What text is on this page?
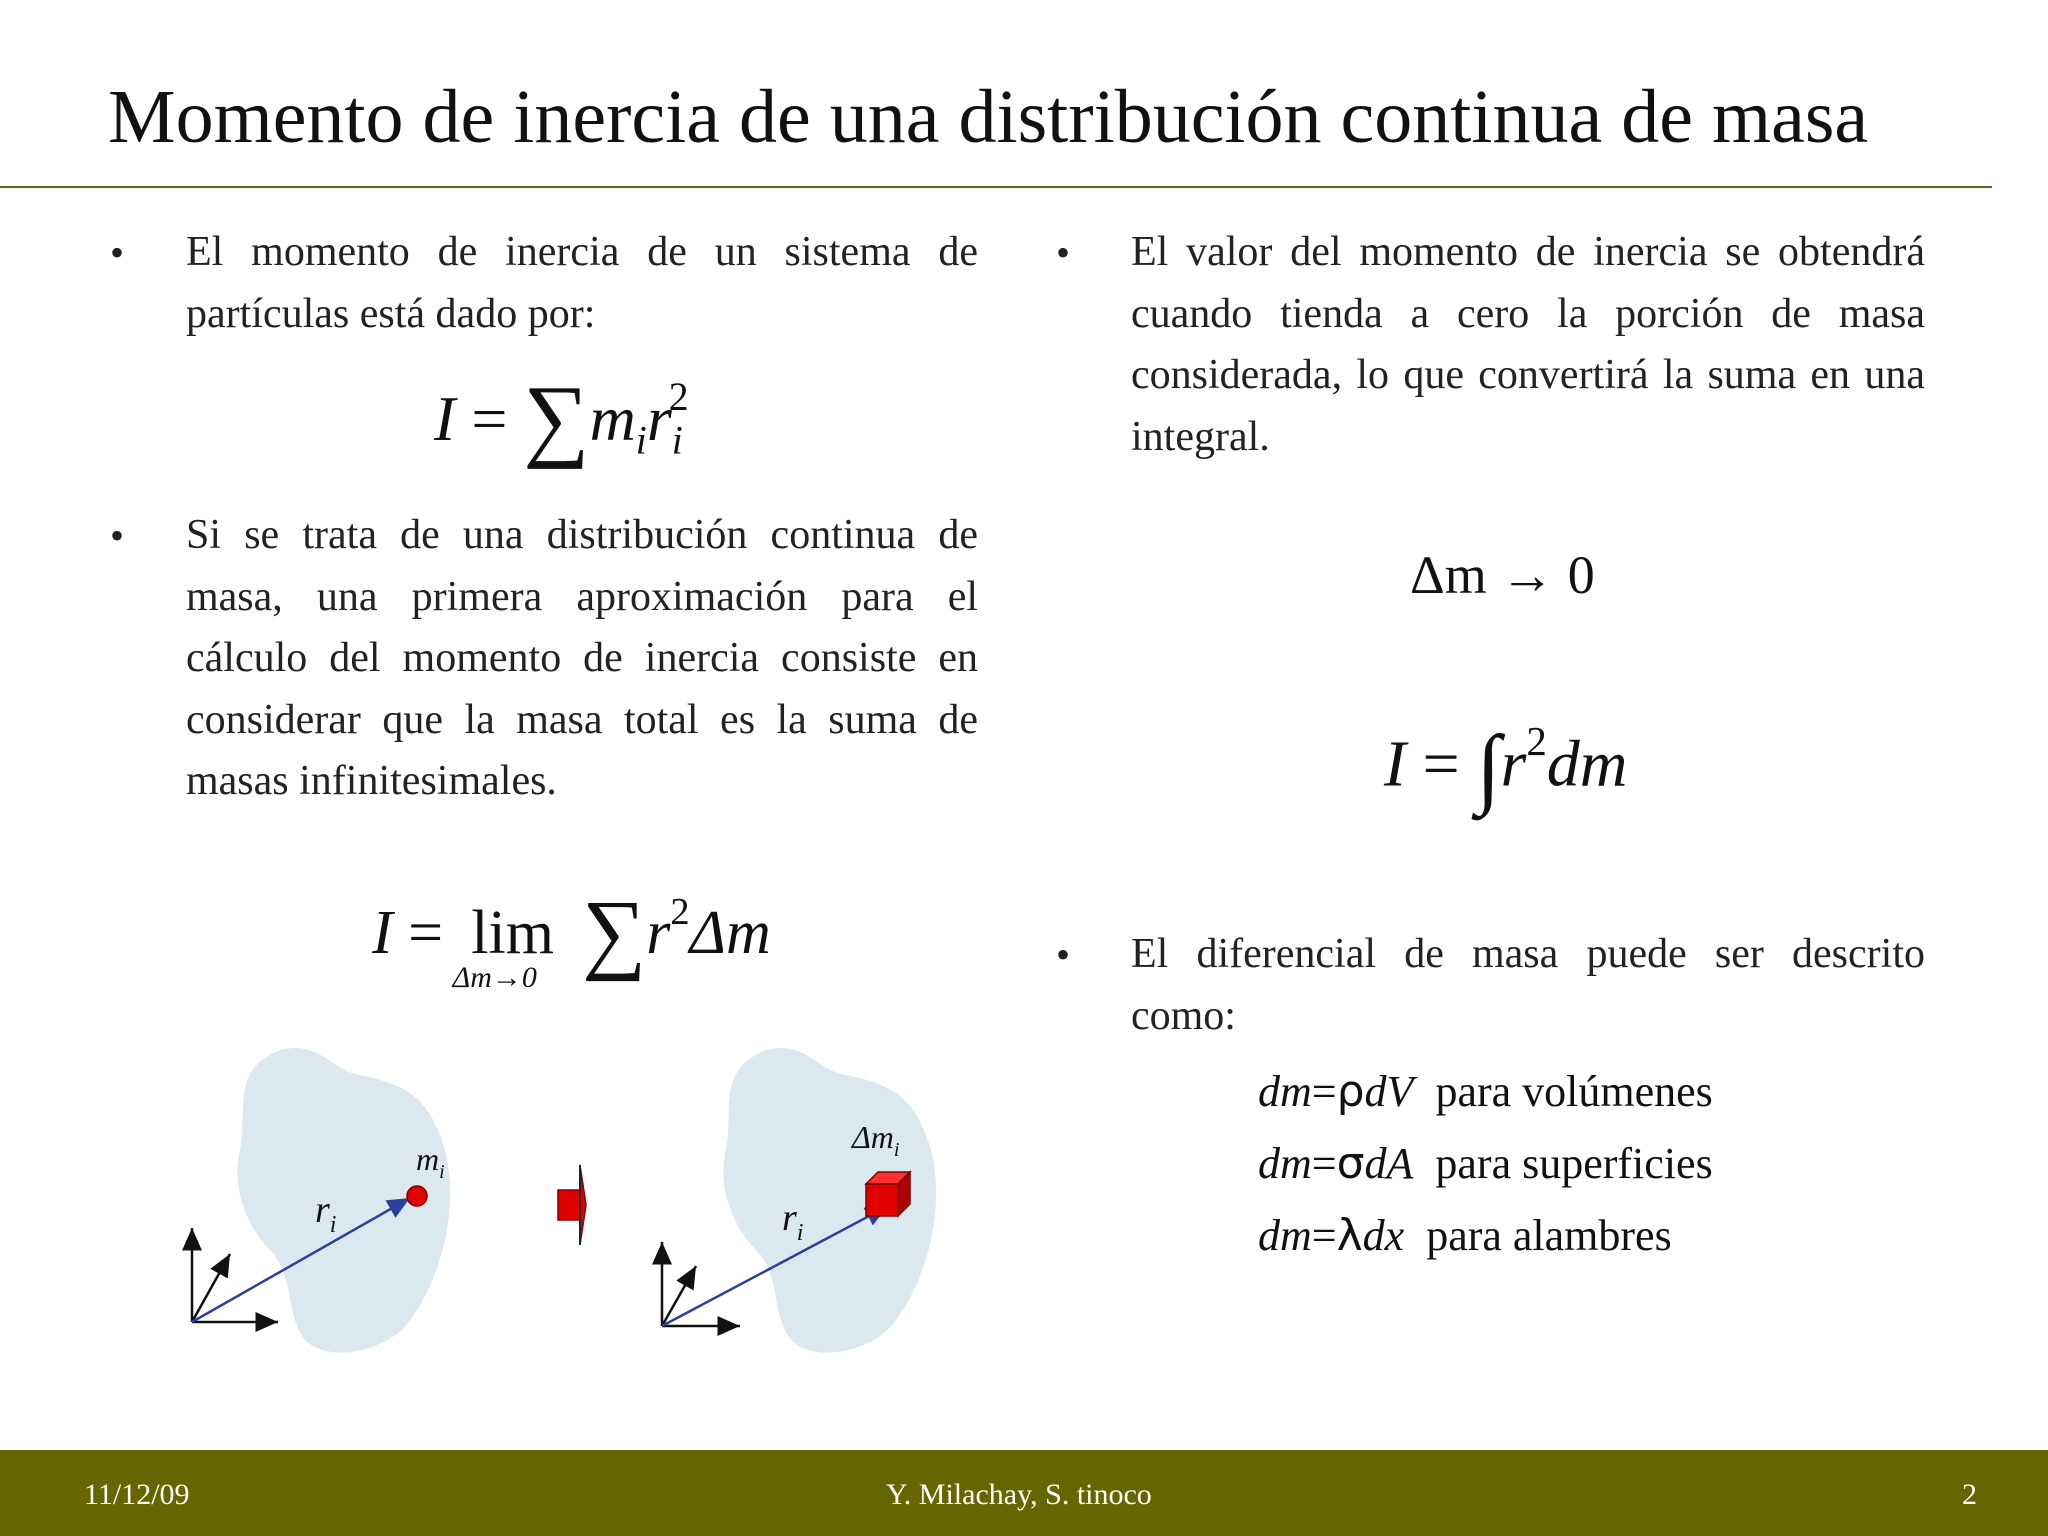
Momento de inercia de una distribución continua de masa
• El momento de inercia de un sistema de partículas está dado por:
$I = \sum m_ir_i^2$
• Si se trata de una distribución continua de masa, una primera aproximación para el cálculo del momento de inercia consiste en considerar que la masa total es la suma de masas infinitesimales.
I = lim
Δm→0 $\sum r^2\Delta m$
$m_i$
$r_i$
$\Delta m_i$
$r_i$
• El valor del momento de inercia se obtendrá cuando tienda a cero la porción de masa considerada, lo que convertirá la suma en una integral.
Δm → 0
$I = \int r^2dm$
• El diferencial de masa puede ser descrito como:
dm=ρdV para volúmenes
dm=σdA para superficies
dm=λdx para alambres
11/12/09	Y. Milachay, S. tinoco	2
